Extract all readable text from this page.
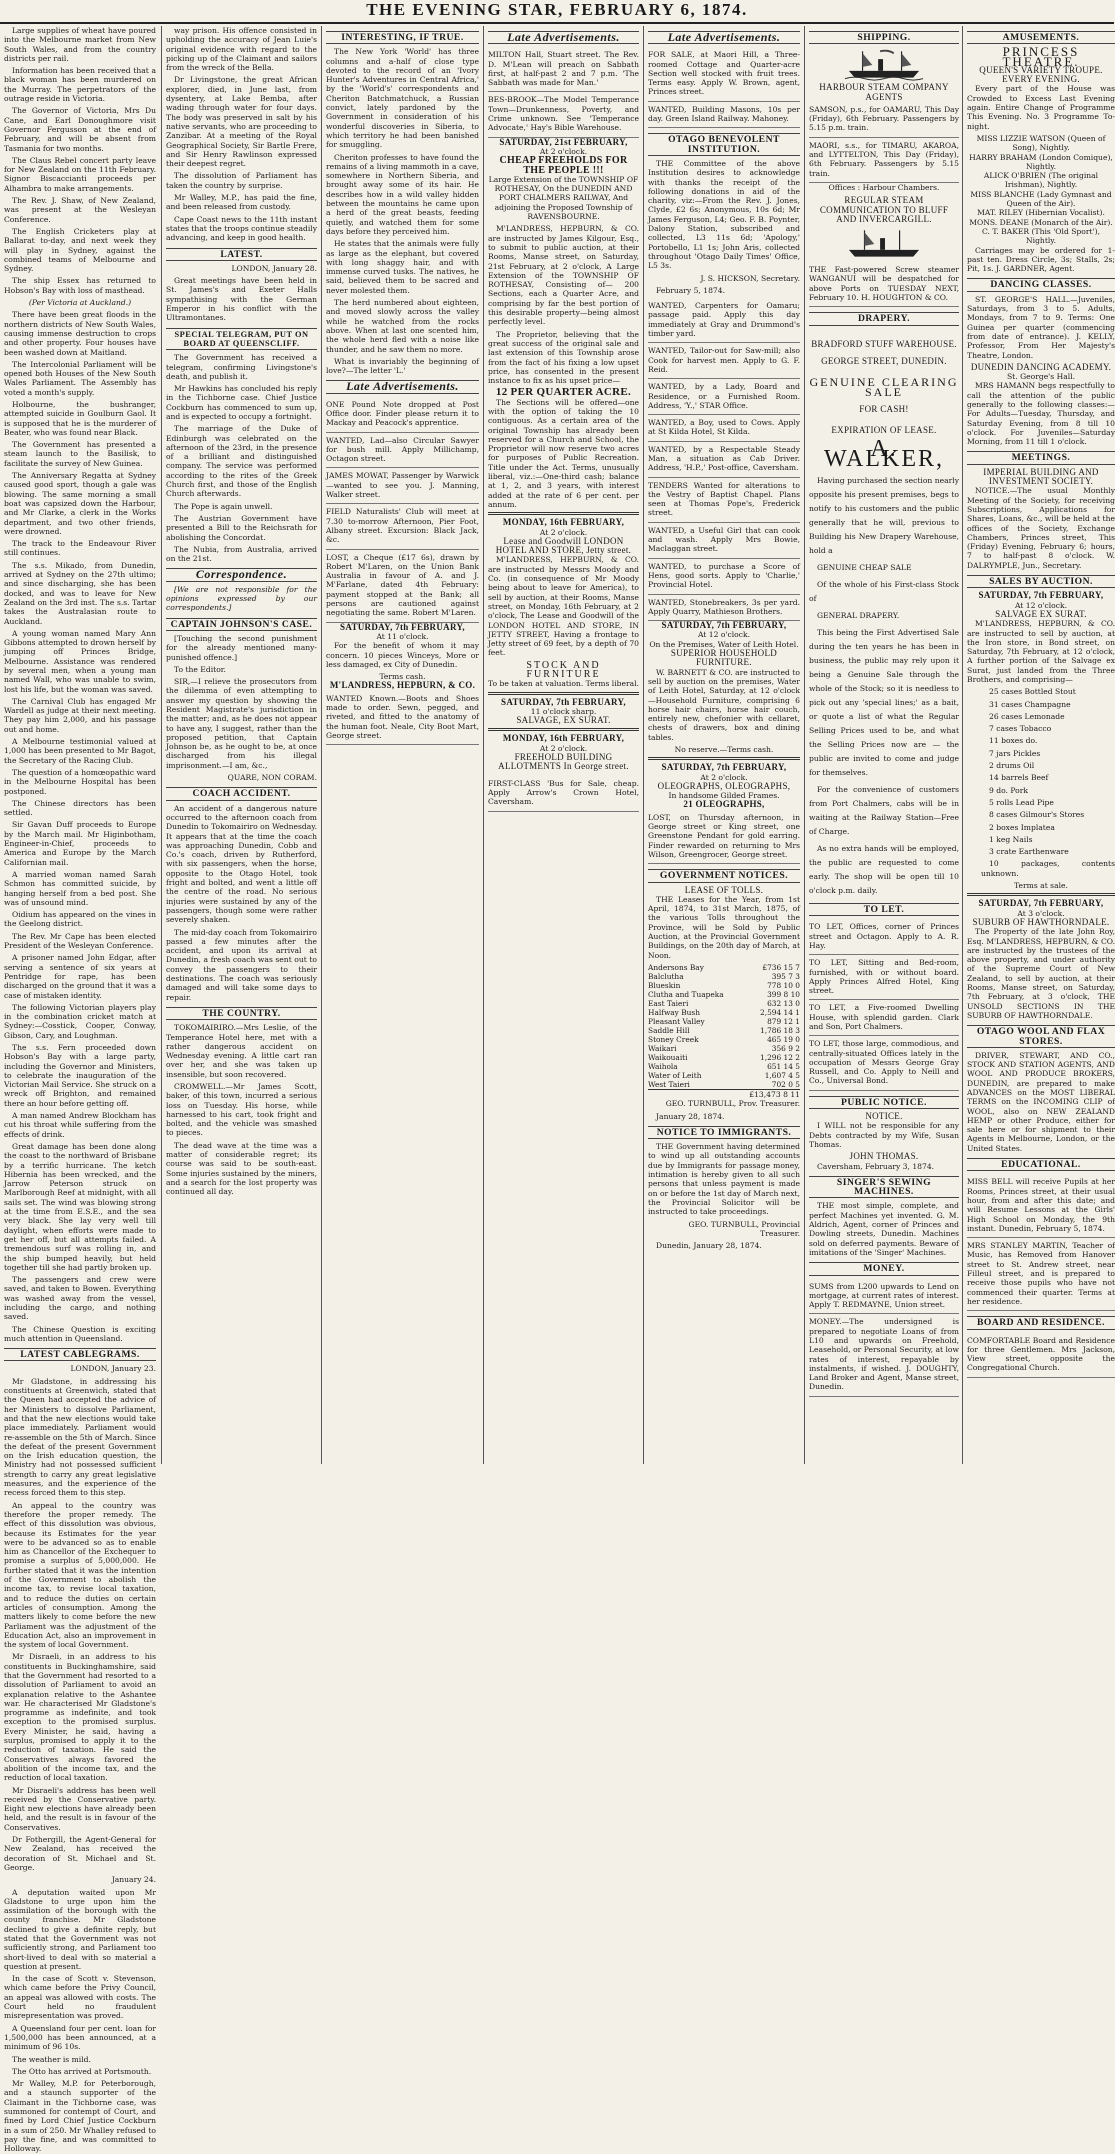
THE EVENING STAR, FEBRUARY 6, 1874.

Large supplies of wheat have poured into the Melbourne market from New South Wales, and from the country districts per rail.

Information has been received that a black woman has been murdered on the Murray. The perpetrators of the outrage reside in Victoria.

The Governor of Victoria, Mrs Du Cane, and Earl Donoughmore visit Governor Fergusson at the end of February, and will be absent from Tasmania for two months.

The Claus Rebel concert party leave for New Zealand on the 11th February. Signor Biscaccianti proceeds per Alhambra to make arrangements.

The Rev. J. Shaw, of New Zealand, was present at the Wesleyan Conference.

The English Cricketers play at Ballarat to-day, and next week they will play in Sydney, against the combined teams of Melbourne and Sydney.

The ship Essex has returned to Hobson's Bay with loss of masthead.

(Per Victoria at Auckland.)

There have been great floods in the northern districts of New South Wales, causing immense destruction to crops and other property. Four houses have been washed down at Maitland.

The Intercolonial Parliament will be opened both Houses of the New South Wales Parliament. The Assembly has voted a month's supply.

Holbourne, the bushranger, attempted suicide in Goulburn Gaol. It is supposed that he is the murderer of Beater, who was found near Black.

The Government has presented a steam launch to the Basilisk, to facilitate the survey of New Guinea.

The Anniversary Regatta at Sydney caused good sport, though a gale was blowing. The same morning a small boat was capsized down the Harbour, and Mr Clarke, a clerk in the Works department, and two other friends, were drowned.

The track to the Endeavour River still continues.

The s.s. Mikado, from Dunedin, arrived at Sydney on the 27th ultimo; and since discharging, she has been docked, and was to leave for New Zealand on the 3rd inst. The s.s. Tartar takes the Australasian route to Auckland.

A young woman named Mary Ann Gibbons attempted to drown herself by jumping off Princes Bridge, Melbourne. Assistance was rendered by several men, when a young man named Wall, who was unable to swim, lost his life, but the woman was saved.

The Carnival Club has engaged Mr Wardell as judge at their next meeting. They pay him 2,000, and his passage out and home.

A Melbourne testimonial valued at 1,000 has been presented to Mr Bagot, the Secretary of the Racing Club.

The question of a homœopathic ward in the Melbourne Hospital has been postponed.

The Chinese directors has been settled.

Sir Gavan Duff proceeds to Europe by the March mail. Mr Higinbotham, Engineer-in-Chief, proceeds to America and Europe by the March Californian mail.

A married woman named Sarah Schmon has committed suicide, by hanging herself from a bed post. She was of unsound mind.

Oidium has appeared on the vines in the Geelong district.

The Rev. Mr Cape has been elected President of the Wesleyan Conference.

A prisoner named John Edgar, after serving a sentence of six years at Pentridge for rape, has been discharged on the ground that it was a case of mistaken identity.

The following Victorian players play in the combination cricket match at Sydney:—Cosstick, Cooper, Conway, Gibson, Cary, and Loughman.

The s.s. Fern proceeded down Hobson's Bay with a large party, including the Governor and Ministers, to celebrate the inauguration of the Victorian Mail Service. She struck on a wreck off Brighton, and remained there an hour before getting off.

A man named Andrew Blockham has cut his throat while suffering from the effects of drink.

Great damage has been done along the coast to the northward of Brisbane by a terrific hurricane. The ketch Hibernia has been wrecked, and the Jarrow Peterson struck on Marlborough Reef at midnight, with all sails set. The wind was blowing strong at the time from E.S.E., and the sea very black. She lay very well till daylight, when efforts were made to get her off, but all attempts failed. A tremendous surf was rolling in, and the ship bumped heavily, but held together till she had partly broken up.

The passengers and crew were saved, and taken to Bowen. Everything was washed away from the vessel, including the cargo, and nothing saved.

The Chinese Question is exciting much attention in Queensland.

LATEST CABLEGRAMS.

LONDON, January 23.

Mr Gladstone, in addressing his constituents at Greenwich, stated that the Queen had accepted the advice of her Ministers to dissolve Parliament, and that the new elections would take place immediately. Parliament would re-assemble on the 5th of March. Since the defeat of the present Government on the Irish education question, the Ministry had not possessed sufficient strength to carry any great legislative measures, and the experience of the recess forced them to this step.

An appeal to the country was therefore the proper remedy. The effect of this dissolution was obvious, because its Estimates for the year were to be advanced so as to enable him as Chancellor of the Exchequer to promise a surplus of 5,000,000. He further stated that it was the intention of the Government to abolish the income tax, to revise local taxation, and to reduce the duties on certain articles of consumption. Among the matters likely to come before the new Parliament was the adjustment of the Education Act, also an improvement in the system of local Government.

Mr Disraeli, in an address to his constituents in Buckinghamshire, said that the Government had resorted to a dissolution of Parliament to avoid an explanation relative to the Ashantee war. He characterised Mr Gladstone's programme as indefinite, and took exception to the promised surplus. Every Minister, he said, having a surplus, promised to apply it to the reduction of taxation. He said the Conservatives always favored the abolition of the income tax, and the reduction of local taxation.

Mr Disraeli's address has been well received by the Conservative party. Eight new elections have already been held, and the result is in favour of the Conservatives.

Dr Fothergill, the Agent-General for New Zealand, has received the decoration of St. Michael and St. George.

January 24.

A deputation waited upon Mr Gladstone to urge upon him the assimilation of the borough with the county franchise. Mr Gladstone declined to give a definite reply, but stated that the Government was not sufficiently strong, and Parliament too short-lived to deal with so material a question at present.

In the case of Scott v. Stevenson, which came before the Privy Council, an appeal was allowed with costs. The Court held no fraudulent misrepresentation was proved.

A Queensland four per cent. loan for 1,500,000 has been announced, at a minimum of 96 10s.

The weather is mild.

The Otto has arrived at Portsmouth.

Mr Walley, M.P. for Peterborough, and a staunch supporter of the Claimant in the Tichborne case, was summoned for contempt of Court, and fined by Lord Chief Justice Cockburn in a sum of 250. Mr Whalley refused to pay the fine, and was committed to Holloway.

way prison. His offence consisted in upholding the accuracy of Jean Luie's original evidence with regard to the picking up of the Claimant and sailors from the wreck of the Bella.

Dr Livingstone, the great African explorer, died, in June last, from dysentery, at Lake Bemba, after wading through water for four days. The body was preserved in salt by his native servants, who are proceeding to Zanzibar. At a meeting of the Royal Geographical Society, Sir Bartle Frere, and Sir Henry Rawlinson expressed their deepest regret.

The dissolution of Parliament has taken the country by surprise.

Mr Walley, M.P., has paid the fine, and been released from custody.

Cape Coast news to the 11th instant states that the troops continue steadily advancing, and keep in good health.

LATEST.

LONDON, January 28.

Great meetings have been held in St. James's and Exeter Halls sympathising with the German Emperor in his conflict with the Ultramontanes.

SPECIAL TELEGRAM, PUT ON BOARD AT QUEENSCLIFF.

The Government has received a telegram, confirming Livingstone's death, and publish it.

Mr Hawkins has concluded his reply in the Tichborne case. Chief Justice Cockburn has commenced to sum up, and is expected to occupy a fortnight.

The marriage of the Duke of Edinburgh was celebrated on the afternoon of the 23rd, in the presence of a brilliant and distinguished company. The service was performed according to the rites of the Greek Church first, and those of the English Church afterwards.

The Pope is again unwell.

The Austrian Government have presented a Bill to the Reichsrath for abolishing the Concordat.

The Nubia, from Australia, arrived on the 21st.

Correspondence.

[We are not responsible for the opinions expressed by our correspondents.]

CAPTAIN JOHNSON'S CASE.

[Touching the second punishment for the already mentioned many-punished offence.]

To the Editor.

SIR,—I relieve the prosecutors from the dilemma of even attempting to answer my question by showing the Resident Magistrate's jurisdiction in the matter; and, as he does not appear to have any, I suggest, rather than the proposed petition, that Captain Johnson be, as he ought to be, at once discharged from his illegal imprisonment.—I am, &c.,

QUARE, NON CORAM.

COACH ACCIDENT.

An accident of a dangerous nature occurred to the afternoon coach from Dunedin to Tokomairiro on Wednesday. It appears that at the time the coach was approaching Dunedin, Cobb and Co.'s coach, driven by Rutherford, with six passengers, when the horse, opposite to the Otago Hotel, took fright and bolted, and went a little off the centre of the road. No serious injuries were sustained by any of the passengers, though some were rather severely shaken.

The mid-day coach from Tokomairiro passed a few minutes after the accident, and upon its arrival at Dunedin, a fresh coach was sent out to convey the passengers to their destinations. The coach was seriously damaged and will take some days to repair.

THE COUNTRY.

TOKOMAIRIRO.—Mrs Leslie, of the Temperance Hotel here, met with a rather dangerous accident on Wednesday evening. A little cart ran over her, and she was taken up insensible, but soon recovered.

CROMWELL.—Mr James Scott, baker, of this town, incurred a serious loss on Tuesday. His horse, while harnessed to his cart, took fright and bolted, and the vehicle was smashed to pieces.

The dead wave at the time was a matter of considerable regret; its course was said to be south-east. Some injuries sustained by the miners, and a search for the lost property was continued all day.

INTERESTING, IF TRUE.

The New York 'World' has three columns and a-half of close type devoted to the record of an 'Ivory Hunter's Adventures in Central Africa,' by the 'World's' correspondents and Cheriton Batchmatchuck, a Russian convict, lately pardoned by the Government in consideration of his wonderful discoveries in Siberia, to which territory he had been banished for smuggling.

Cheriton professes to have found the remains of a living mammoth in a cave, somewhere in Northern Siberia, and brought away some of its hair. He describes how in a wild valley hidden between the mountains he came upon a herd of the great beasts, feeding quietly, and watched them for some days before they perceived him.

He states that the animals were fully as large as the elephant, but covered with long shaggy hair, and with immense curved tusks. The natives, he said, believed them to be sacred and never molested them.

The herd numbered about eighteen, and moved slowly across the valley while he watched from the rocks above. When at last one scented him, the whole herd fled with a noise like thunder, and he saw them no more.

What is invariably the beginning of love?—The letter 'L.'

Late Advertisements.
ONE Pound Note dropped at Post Office door. Finder please return it to Mackay and Peacock's apprentice.
WANTED, Lad—also Circular Sawyer for bush mill. Apply Millichamp, Octagon street.
JAMES MOWAT, Passenger by Warwick—wanted to see you. J. Manning, Walker street.
FIELD Naturalists' Club will meet at 7.30 to-morrow Afternoon, Pier Foot, Albany street. Excursion: Black Jack, &c.
LOST, a Cheque (£17 6s), drawn by Robert M'Laren, on the Union Bank Australia in favour of A. and J. M'Farlane, dated 4th February: payment stopped at the Bank; all persons are cautioned against negotiating the same. Robert M'Laren.
SATURDAY, 7th FEBRUARY,
At 11 o'clock.

For the benefit of whom it may concern. 10 pieces Winceys, More or less damaged, ex City of Dunedin.

Terms cash.
M'LANDRESS, HEPBURN, & CO.
WANTED Known.—Boots and Shoes made to order. Sewn, pegged, and riveted, and fitted to the anatomy of the human foot. Neale, City Boot Mart, George street.
Late Advertisements.
MILTON Hall, Stuart street. The Rev. D. M'Lean will preach on Sabbath first, at half-past 2 and 7 p.m. 'The Sabbath was made for Man.'
BES-BROOK—The Model Temperance Town—Drunkenness, Poverty, and Crime unknown. See 'Temperance Advocate,' Hay's Bible Warehouse.
SATURDAY, 21st FEBRUARY,
At 2 o'clock.
CHEAP FREEHOLDS FOR THE PEOPLE !!!

Large Extension of the TOWNSHIP OF ROTHESAY, On the DUNEDIN AND PORT CHALMERS RAILWAY, And adjoining the Proposed Township of RAVENSBOURNE.

M'LANDRESS, HEPBURN, & CO. are instructed by James Kilgour, Esq., to submit to public auction, at their Rooms, Manse street, on Saturday, 21st February, at 2 o'clock, A Large Extension of the TOWNSHIP OF ROTHESAY, Consisting of— 200 Sections, each a Quarter Acre, and comprising by far the best portion of this desirable property—being almost perfectly level.

The Proprietor, believing that the great success of the original sale and last extension of this Township arose from the fact of his fixing a low upset price, has consented in the present instance to fix as his upset price—

12 PER QUARTER ACRE.

The Sections will be offered—one with the option of taking the 10 contiguous. As a certain area of the original Township has already been reserved for a Church and School, the Proprietor will now reserve two acres for purposes of Public Recreation. Title under the Act. Terms, unusually liberal, viz.:—One-third cash; balance at 1, 2, and 3 years, with interest added at the rate of 6 per cent. per annum.

MONDAY, 16th FEBRUARY,
At 2 o'clock.
Lease and Goodwill LONDON HOTEL AND STORE, Jetty street.

M'LANDRESS, HEPBURN, & CO. are instructed by Messrs Moody and Co. (in consequence of Mr Moody being about to leave for America), to sell by auction, at their Rooms, Manse street, on Monday, 16th February, at 2 o'clock, The Lease and Goodwill of the LONDON HOTEL AND STORE, IN JETTY STREET, Having a frontage to Jetty street of 69 feet, by a depth of 70 feet.

STOCK AND FURNITURE
To be taken at valuation. Terms liberal.
SATURDAY, 7th FEBRUARY,
11 o'clock sharp.
SALVAGE, EX SURAT.
MONDAY, 16th FEBRUARY,
At 2 o'clock.
FREEHOLD BUILDING ALLOTMENTS In George street.
FIRST-CLASS 'Bus for Sale, cheap. Apply Arrow's Crown Hotel, Caversham.
Late Advertisements.
FOR SALE, at Maori Hill, a Three-roomed Cottage and Quarter-acre Section well stocked with fruit trees. Terms easy. Apply W. Brown, agent, Princes street.
WANTED, Building Masons, 10s per day. Green Island Railway. Mahoney.
OTAGO BENEVOLENT INSTITUTION.

THE Committee of the above Institution desires to acknowledge with thanks the receipt of the following donations in aid of the charity, viz:—From the Rev. J. Jones, Clyde, £2 6s; Anonymous, 10s 6d; Mr James Ferguson, L4; Geo. F. B. Poynter, Dalony Station, subscribed and collected, L3 11s 6d; 'Apology,' Portobello, L1 1s; John Aris, collected throughout 'Otago Daily Times' Office, L5 3s.

J. S. HICKSON, Secretary.

February 5, 1874.

WANTED, Carpenters for Oamaru; passage paid. Apply this day immediately at Gray and Drummond's timber yard.
WANTED, Tailor-out for Saw-mill; also Cook for harvest men. Apply to G. F. Reid.
WANTED, by a Lady, Board and Residence, or a Furnished Room. Address, 'Y.,' STAR Office.
WANTED, a Boy, used to Cows. Apply at St Kilda Hotel, St Kilda.
WANTED, by a Respectable Steady Man, a situation as Cab Driver. Address, 'H.P.,' Post-office, Caversham.
TENDERS Wanted for alterations to the Vestry of Baptist Chapel. Plans seen at Thomas Pope's, Frederick street.
WANTED, a Useful Girl that can cook and wash. Apply Mrs Bowie, Maclaggan street.
WANTED, to purchase a Score of Hens, good sorts. Apply to 'Charlie,' Provincial Hotel.
WANTED, Stonebreakers, 3s per yard. Apply Quarry, Mathieson Brothers.
SATURDAY, 7th FEBRUARY,
At 12 o'clock.
On the Premises, Water of Leith Hotel.
SUPERIOR HOUSEHOLD FURNITURE.

W. BARNETT & CO. are instructed to sell by auction on the premises, Water of Leith Hotel, Saturday, at 12 o'clock—Household Furniture, comprising 6 horse hair chairs, horse hair couch, entirely new, chefonier with cellaret, chests of drawers, box and dining tables.

No reserve.—Terms cash.
SATURDAY, 7th FEBRUARY,
At 2 o'clock.
OLEOGRAPHS, OLEOGRAPHS,
In handsome Gilded Frames.
21 OLEOGRAPHS,
LOST, on Thursday afternoon, in George street or King street, one Greenstone Pendant for gold earring. Finder rewarded on returning to Mrs Wilson, Greengrocer, George street.
GOVERNMENT NOTICES.
LEASE OF TOLLS.

THE Leases for the Year, from 1st April, 1874, to 31st March, 1875, of the various Tolls throughout the Province, will be Sold by Public Auction, at the Provincial Government Buildings, on the 20th day of March, at Noon.

Andersons Bay	£736 15 7
Balclutha	395 7 3
Blueskin	778 10 0
Clutha and Tuapeka	399 8 10
East Taieri	632 13 0
Halfway Bush	2,594 14 1
Pleasant Valley	879 12 1
Saddle Hill	1,786 18 3
Stoney Creek	465 19 0
Waikari	356 9 2
Waikouaiti	1,296 12 2
Waihola	651 14 5
Water of Leith	1,607 4 5
West Taieri	702 0 5
£13,473 8 11

GEO. TURNBULL, Prov. Treasurer.

January 28, 1874.

NOTICE TO IMMIGRANTS.

THE Government having determined to wind up all outstanding accounts due by Immigrants for passage money, intimation is hereby given to all such persons that unless payment is made on or before the 1st day of March next, the Provincial Solicitor will be instructed to take proceedings.

GEO. TURNBULL, Provincial Treasurer.

Dunedin, January 28, 1874.

SHIPPING.
HARBOUR STEAM COMPANY AGENTS
SAMSON, p.s., for OAMARU, This Day (Friday), 6th February. Passengers by 5.15 p.m. train.
MAORI, s.s., for TIMARU, AKAROA, and LYTTELTON, This Day (Friday), 6th February. Passengers by 5.15 train.
Offices : Harbour Chambers.
REGULAR STEAM COMMUNICATION TO BLUFF AND INVERCARGILL.
THE Fast-powered Screw steamer WANGANUI will be despatched for above Ports on TUESDAY NEXT, February 10. H. HOUGHTON & CO.
DRAPERY.
BRADFORD STUFF WAREHOUSE.
GEORGE STREET, DUNEDIN.
GENUINE CLEARING SALE
FOR CASH!
EXPIRATION OF LEASE.
A. WALKER,

Having purchased the section nearly opposite his present premises, begs to notify to his customers and the public generally that he will, previous to Building his New Drapery Warehouse, hold a

GENUINE CHEAP SALE

Of the whole of his First-class Stock of

GENERAL DRAPERY.

This being the First Advertised Sale during the ten years he has been in business, the public may rely upon it being a Genuine Sale through the whole of the Stock; so it is needless to pick out any 'special lines;' as a bait, or quote a list of what the Regular Selling Prices used to be, and what the Selling Prices now are — the public are invited to come and judge for themselves.

For the convenience of customers from Port Chalmers, cabs will be in waiting at the Railway Station—Free of Charge.

As no extra hands will be employed, the public are requested to come early. The shop will be open till 10 o'clock p.m. daily.

TO LET.
TO LET, Offices, corner of Princes street and Octagon. Apply to A. R. Hay.
TO LET, Sitting and Bed-room, furnished, with or without board. Apply Princes Alfred Hotel, King street.
TO LET, a Five-roomed Dwelling House, with splendid garden. Clark and Son, Port Chalmers.
TO LET, those large, commodious, and centrally-situated Offices lately in the occupation of Messrs George Gray Russell, and Co. Apply to Neill and Co., Universal Bond.
PUBLIC NOTICE.
NOTICE.

I WILL not be responsible for any Debts contracted by my Wife, Susan Thomas.

JOHN THOMAS.

Caversham, February 3, 1874.

SINGER'S SEWING MACHINES.

THE most simple, complete, and perfect Machines yet invented. G. M. Aldrich, Agent, corner of Princes and Dowling streets, Dunedin. Machines sold on deferred payments. Beware of imitations of the 'Singer' Machines.

MONEY.
SUMS from L200 upwards to Lend on mortgage, at current rates of interest. Apply T. REDMAYNE, Union street.
MONEY.—The undersigned is prepared to negotiate Loans of from L10 and upwards on Freehold, Leasehold, or Personal Security, at low rates of interest, repayable by instalments, if wished. J. DOUGHTY, Land Broker and Agent, Manse street, Dunedin.
AMUSEMENTS.
PRINCESS THEATRE.
QUEEN'S VARIETY TROUPE. EVERY EVENING.

Every part of the House was Crowded to Excess Last Evening again. Entire Change of Programme This Evening. No. 3 Programme To-night.

MISS LIZZIE WATSON (Queen of Song), Nightly.
HARRY BRAHAM (London Comique), Nightly.
ALICK O'BRIEN (The original Irishman), Nightly.
MISS BLANCHE (Lady Gymnast and Queen of the Air).
MAT. RILEY (Hibernian Vocalist).
MONS. DEANE (Monarch of the Air).
C. T. BAKER (This 'Old Sport'), Nightly.

Carriages may be ordered for 1-past ten. Dress Circle, 3s; Stalls, 2s; Pit, 1s. J. GARDNER, Agent.

DANCING CLASSES.

ST. GEORGE'S HALL.—Juveniles, Saturdays, from 3 to 5. Adults, Mondays, from 7 to 9. Terms: One Guinea per quarter (commencing from date of entrance). J. KELLY, Professor, From Her Majesty's Theatre, London.

DUNEDIN DANCING ACADEMY.
St. George's Hall.

MRS HAMANN begs respectfully to call the attention of the public generally to the following classes:—For Adults—Tuesday, Thursday, and Saturday Evening, from 8 till 10 o'clock. For Juveniles—Saturday Morning, from 11 till 1 o'clock.

MEETINGS.
IMPERIAL BUILDING AND INVESTMENT SOCIETY.

NOTICE.—The usual Monthly Meeting of the Society, for receiving Subscriptions, Applications for Shares, Loans, &c., will be held at the offices of the Society, Exchange Chambers, Princes street, This (Friday) Evening, February 6; hours, 7 to half-past 8 o'clock. W. DALRYMPLE, Jun., Secretary.

SALES BY AUCTION.
SATURDAY, 7th FEBRUARY,
At 12 o'clock.
SALVAGE EX SURAT.

M'LANDRESS, HEPBURN, & CO. are instructed to sell by auction, at the Iron store, in Bond street, on Saturday, 7th February, at 12 o'clock, A further portion of the Salvage ex Surat, just landed from the Three Brothers, and comprising—

25 cases Bottled Stout

31 cases Champagne

26 cases Lemonade

7 cases Tobacco

11 boxes do.

7 jars Pickles

2 drums Oil

14 barrels Beef

9 do. Pork

5 rolls Lead Pipe

8 cases Gilmour's Stores

2 boxes Implatea

1 keg Nails

3 crate Earthenware

10 packages, contents unknown.

Terms at sale.
SATURDAY, 7th FEBRUARY,
At 3 o'clock.
SUBURB OF HAWTHORNDALE.

The Property of the late John Roy, Esq. M'LANDRESS, HEPBURN, & CO. are instructed by the trustees of the above property, and under authority of the Supreme Court of New Zealand, to sell by auction, at their Rooms, Manse street, on Saturday, 7th February, at 3 o'clock, THE UNSOLD SECTIONS IN THE SUBURB OF HAWTHORNDALE.

OTAGO WOOL AND FLAX STORES.

DRIVER, STEWART, AND CO., STOCK AND STATION AGENTS, AND WOOL AND PRODUCE BROKERS, DUNEDIN, are prepared to make ADVANCES on the MOST LIBERAL TERMS on the INCOMING CLIP of WOOL, also on NEW ZEALAND HEMP or other Produce, either for sale here or for shipment to their Agents in Melbourne, London, or the United States.

EDUCATIONAL.
MISS BELL will receive Pupils at her Rooms, Princes street, at their usual hour, from and after this date; and will Resume Lessons at the Girls' High School on Monday, the 9th instant. Dunedin, February 5, 1874.
MRS STANLEY MARTIN, Teacher of Music, has Removed from Hanover street to St. Andrew street, near Filleul street, and is prepared to receive those pupils who have not commenced their quarter. Terms at her residence.
BOARD AND RESIDENCE.
COMFORTABLE Board and Residence for three Gentlemen. Mrs Jackson, View street, opposite the Congregational Church.
